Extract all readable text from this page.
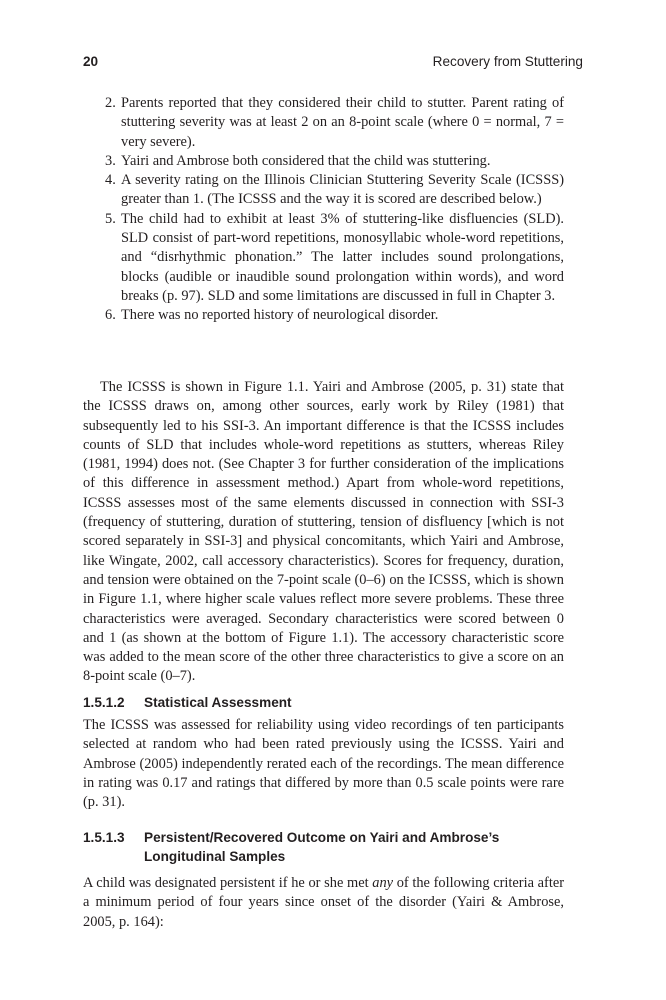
20	Recovery from Stuttering
2. Parents reported that they considered their child to stutter. Parent rating of stuttering severity was at least 2 on an 8-point scale (where 0 = normal, 7 = very severe).
3. Yairi and Ambrose both considered that the child was stuttering.
4. A severity rating on the Illinois Clinician Stuttering Severity Scale (ICSSS) greater than 1. (The ICSSS and the way it is scored are described below.)
5. The child had to exhibit at least 3% of stuttering-like disfluencies (SLD). SLD consist of part-word repetitions, monosyllabic whole-word repetitions, and “disrhythmic phonation.” The latter includes sound prolongations, blocks (audible or inaudible sound prolongation within words), and word breaks (p. 97). SLD and some limitations are discussed in full in Chapter 3.
6. There was no reported history of neurological disorder.

The ICSSS is shown in Figure 1.1. Yairi and Ambrose (2005, p. 31) state that the ICSSS draws on, among other sources, early work by Riley (1981) that subsequently led to his SSI-3. An important difference is that the ICSSS includes counts of SLD that includes whole-word repetitions as stutters, whereas Riley (1981, 1994) does not. (See Chapter 3 for further consideration of the implications of this difference in assessment method.) Apart from whole-word repetitions, ICSSS assesses most of the same elements discussed in connection with SSI-3 (frequency of stuttering, duration of stuttering, tension of disfluency [which is not scored separately in SSI-3] and physical concomitants, which Yairi and Ambrose, like Wingate, 2002, call accessory characteristics). Scores for frequency, duration, and tension were obtained on the 7-point scale (0–6) on the ICSSS, which is shown in Figure 1.1, where higher scale values reflect more severe problems. These three characteristics were averaged. Secondary characteristics were scored between 0 and 1 (as shown at the bottom of Figure 1.1). The accessory characteristic score was added to the mean score of the other three characteristics to give a score on an 8-point scale (0–7).

1.5.1.2	Statistical Assessment

The ICSSS was assessed for reliability using video recordings of ten participants selected at random who had been rated previously using the ICSSS. Yairi and Ambrose (2005) independently rerated each of the recordings. The mean difference in rating was 0.17 and ratings that differed by more than 0.5 scale points were rare (p. 31).

1.5.1.3	Persistent/Recovered Outcome on Yairi and Ambrose’s Longitudinal Samples

A child was designated persistent if he or she met any of the following criteria after a minimum period of four years since onset of the disorder (Yairi & Ambrose, 2005, p. 164):
